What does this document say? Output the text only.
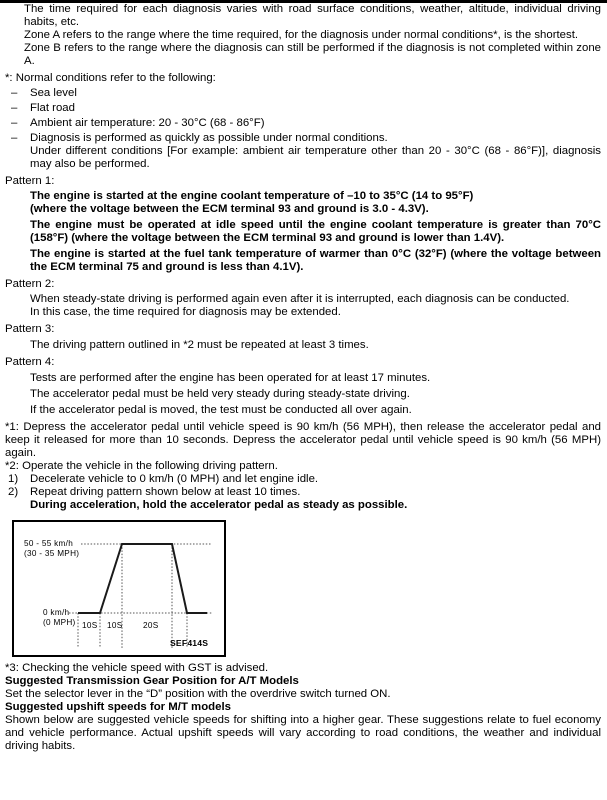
The time required for each diagnosis varies with road surface conditions, weather, altitude, individual driving habits, etc.

Zone A refers to the range where the time required, for the diagnosis under normal conditions*, is the shortest.

Zone B refers to the range where the diagnosis can still be performed if the diagnosis is not completed within zone A.

*: Normal conditions refer to the following:

– Sea level

– Flat road

– Ambient air temperature: 20 - 30°C (68 - 86°F)

– Diagnosis is performed as quickly as possible under normal conditions.

Under different conditions [For example: ambient air temperature other than 20 - 30°C (68 - 86°F)], diagnosis may also be performed.

Pattern 1:

The engine is started at the engine coolant temperature of –10 to 35°C (14 to 95°F)

(where the voltage between the ECM terminal 93 and ground is 3.0 - 4.3V).

The engine must be operated at idle speed until the engine coolant temperature is greater than 70°C (158°F) (where the voltage between the ECM terminal 93 and ground is lower than 1.4V).

The engine is started at the fuel tank temperature of warmer than 0°C (32°F) (where the voltage between the ECM terminal 75 and ground is less than 4.1V).

Pattern 2:

When steady-state driving is performed again even after it is interrupted, each diagnosis can be conducted.

In this case, the time required for diagnosis may be extended.

Pattern 3:

The driving pattern outlined in *2 must be repeated at least 3 times.

Pattern 4:

Tests are performed after the engine has been operated for at least 17 minutes.

The accelerator pedal must be held very steady during steady-state driving.

If the accelerator pedal is moved, the test must be conducted all over again.

*1: Depress the accelerator pedal until vehicle speed is 90 km/h (56 MPH), then release the accelerator pedal and keep it released for more than 10 seconds. Depress the accelerator pedal until vehicle speed is 90 km/h (56 MPH) again.

*2: Operate the vehicle in the following driving pattern.

1) Decelerate vehicle to 0 km/h (0 MPH) and let engine idle.

2) Repeat driving pattern shown below at least 10 times.

During acceleration, hold the accelerator pedal as steady as possible.

50 - 55 km/h
(30 - 35 MPH)
0 km/h
(0 MPH) 10S 10S	20S
SEF414S

*3: Checking the vehicle speed with GST is advised.

Suggested Transmission Gear Position for A/T Models

Set the selector lever in the “D” position with the overdrive switch turned ON.

Suggested upshift speeds for M/T models

Shown below are suggested vehicle speeds for shifting into a higher gear. These suggestions relate to fuel economy and vehicle performance. Actual upshift speeds will vary according to road conditions, the weather and individual driving habits.
